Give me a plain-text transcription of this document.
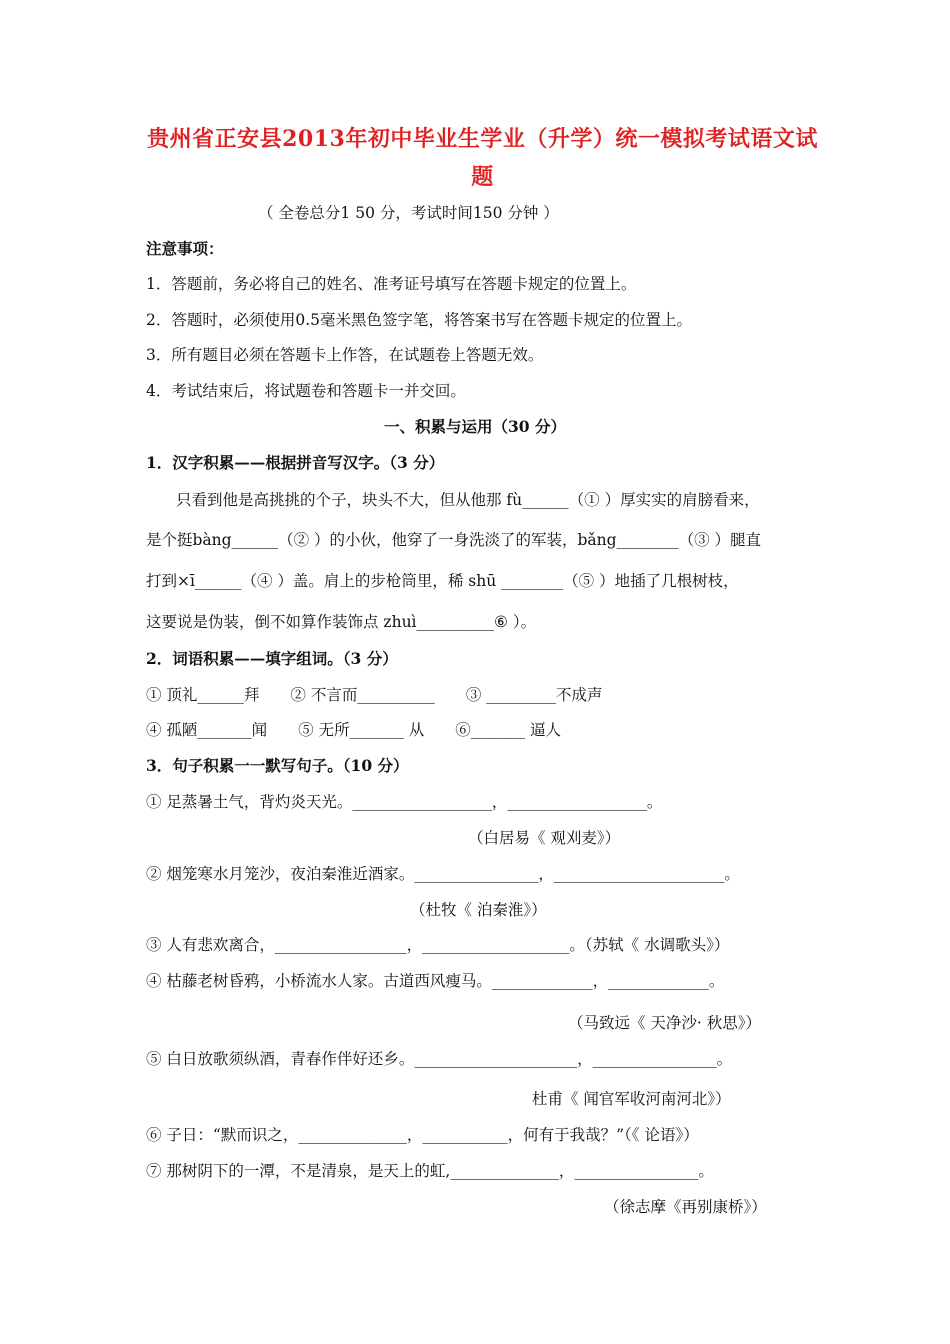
贵州省正安县2013年初中毕业生学业（升学）统一模拟考试语文试
题
（ 全卷总分1 50 分，考试时间150 分钟 ）
注意事项：
1．答题前，务必将自己的姓名、准考证号填写在答题卡规定的位置上。
2．答题时，必须使用0.5毫米黑色签字笔，将答案书写在答题卡规定的位置上。
3．所有题目必须在答题卡上作答，在试题卷上答题无效。
4．考试结束后，将试题卷和答题卡一并交回。
一、积累与运用（30 分）
1．汉字积累——根据拼音写汉字。（3 分）
只看到他是高挑挑的个子，块头不大，但从他那 fù______（① ）厚实实的肩膀看来，
是个挺bàng______（② ）的小伙，他穿了一身洗淡了的军装，bǎng________（③ ）腿直
打到×ī______（④ ）盖。肩上的步枪筒里，稀 shū ________（⑤ ）地插了几根树枝，
这要说是伪装，倒不如算作装饰点 zhuì__________⑥ ）。
2．词语积累——填字组词。（3 分）
① 顶礼______拜　　② 不言而__________　　③ _________不成声
④ 孤陋_______闻　　⑤ 无所_______ 从　　⑥_______ 逼人
3．句子积累一一默写句子。（10 分）
① 足蒸暑土气，背灼炎天光。__________________，__________________。
（白居易《 观刈麦》）
② 烟笼寒水月笼沙，夜泊秦淮近酒家。________________，______________________。
（杜牧《 泊秦淮》）
③ 人有悲欢离合，_________________，___________________。（苏轼《 水调歌头》）
④ 枯藤老树昏鸦，小桥流水人家。古道西风瘦马。_____________，_____________。
（马致远《 天净沙· 秋思》）
⑤ 白日放歌须纵酒，青春作伴好还乡。_____________________，________________。
杜甫《 闻官军收河南河北》）
⑥ 子日：“默而识之，______________，___________，何有于我哉？”（《 论语》）
⑦ 那树阴下的一潭，不是清泉，是天上的虹,______________，________________。
（徐志摩《再别康桥》）
